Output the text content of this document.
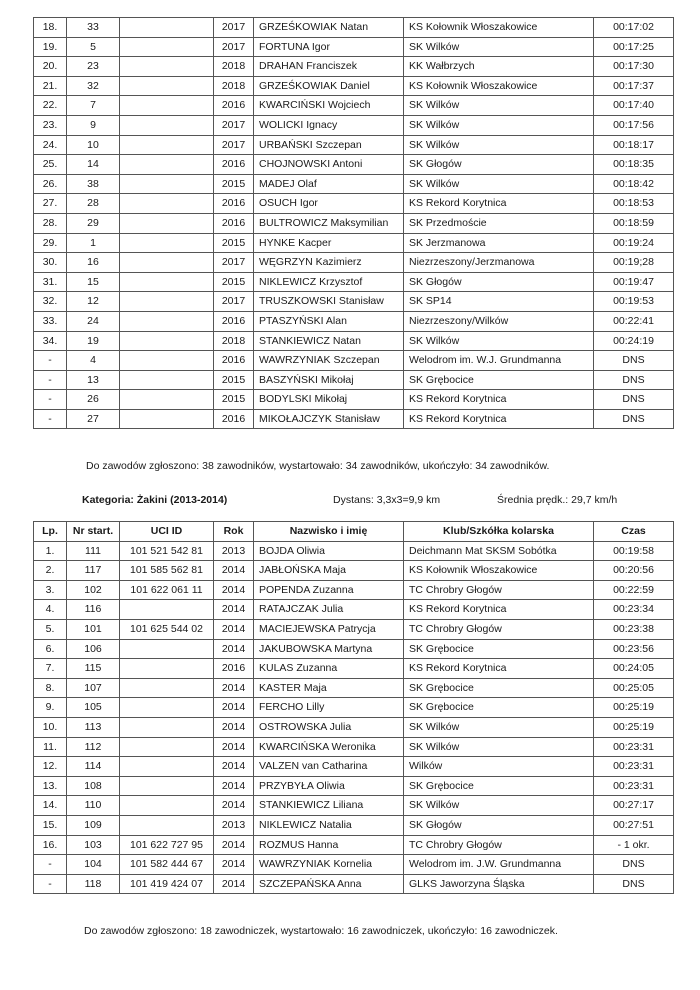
18.	33		2017	GRZEŚKOWIAK Natan	KS Kołownik Włoszakowice	00:17:02
19.	5		2017	FORTUNA Igor	SK Wilków	00:17:25
20.	23		2018	DRAHAN Franciszek	KK Wałbrzych	00:17:30
21.	32		2018	GRZEŚKOWIAK Daniel	KS Kołownik Włoszakowice	00:17:37
22.	7		2016	KWARCIŃSKI Wojciech	SK Wilków	00:17:40
23.	9		2017	WOLICKI Ignacy	SK Wilków	00:17:56
24.	10		2017	URBAŃSKI Szczepan	SK Wilków	00:18:17
25.	14		2016	CHOJNOWSKI Antoni	SK Głogów	00:18:35
26.	38		2015	MADEJ Olaf	SK Wilków	00:18:42
27.	28		2016	OSUCH Igor	KS Rekord Korytnica	00:18:53
28.	29		2016	BULTROWICZ Maksymilian	SK Przedmoście	00:18:59
29.	1		2015	HYNKE Kacper	SK Jerzmanowa	00:19:24
30.	16		2017	WĘGRZYN Kazimierz	Niezrzeszony/Jerzmanowa	00:19;28
31.	15		2015	NIKLEWICZ Krzysztof	SK Głogów	00:19:47
32.	12		2017	TRUSZKOWSKI Stanisław	SK SP14	00:19:53
33.	24		2016	PTASZYŃSKI Alan	Niezrzeszony/Wilków	00:22:41
34.	19		2018	STANKIEWICZ Natan	SK Wilków	00:24:19
-	4		2016	WAWRZYNIAK Szczepan	Welodrom im. W.J. Grundmanna	DNS
-	13		2015	BASZYŃSKI Mikołaj	SK Grębocice	DNS
-	26		2015	BODYLSKI Mikołaj	KS Rekord Korytnica	DNS
-	27		2016	MIKOŁAJCZYK Stanisław	KS Rekord Korytnica	DNS
Do zawodów zgłoszono: 38 zawodników, wystartowało: 34 zawodników, ukończyło: 34 zawodników.
Kategoria: Żakini (2013-2014)	Dystans: 3,3x3=9,9 km	Średnia prędk.: 29,7 km/h
Lp.	Nr start.	UCI ID	Rok	Nazwisko i imię	Klub/Szkółka kolarska	Czas
1.	111	101 521 542 81	2013	BOJDA Oliwia	Deichmann Mat SKSM Sobótka	00:19:58
2.	117	101 585 562 81	2014	JABŁOŃSKA Maja	KS Kołownik Włoszakowice	00:20:56
3.	102	101 622 061 11	2014	POPENDA Zuzanna	TC Chrobry Głogów	00:22:59
4.	116		2014	RATAJCZAK Julia	KS Rekord Korytnica	00:23:34
5.	101	101 625 544 02	2014	MACIEJEWSKA Patrycja	TC Chrobry Głogów	00:23:38
6.	106		2014	JAKUBOWSKA Martyna	SK Grębocice	00:23:56
7.	115		2016	KULAS Zuzanna	KS Rekord Korytnica	00:24:05
8.	107		2014	KASTER Maja	SK Grębocice	00:25:05
9.	105		2014	FERCHO Lilly	SK Grębocice	00:25:19
10.	113		2014	OSTROWSKA Julia	SK Wilków	00:25:19
11.	112		2014	KWARCIŃSKA Weronika	SK Wilków	00:23:31
12.	114		2014	VALZEN van Catharina	Wilków	00:23:31
13.	108		2014	PRZYBYŁA Oliwia	SK Grębocice	00:23:31
14.	110		2014	STANKIEWICZ Liliana	SK Wilków	00:27:17
15.	109		2013	NIKLEWICZ Natalia	SK Głogów	00:27:51
16.	103	101 622 727 95	2014	ROZMUS Hanna	TC Chrobry Głogów	- 1 okr.
-	104	101 582 444 67	2014	WAWRZYNIAK Kornelia	Welodrom im. J.W. Grundmanna	DNS
-	118	101 419 424 07	2014	SZCZEPAŃSKA Anna	GLKS Jaworzyna Śląska	DNS
Do zawodów zgłoszono: 18 zawodniczek, wystartowało: 16 zawodniczek, ukończyło: 16 zawodniczek.
